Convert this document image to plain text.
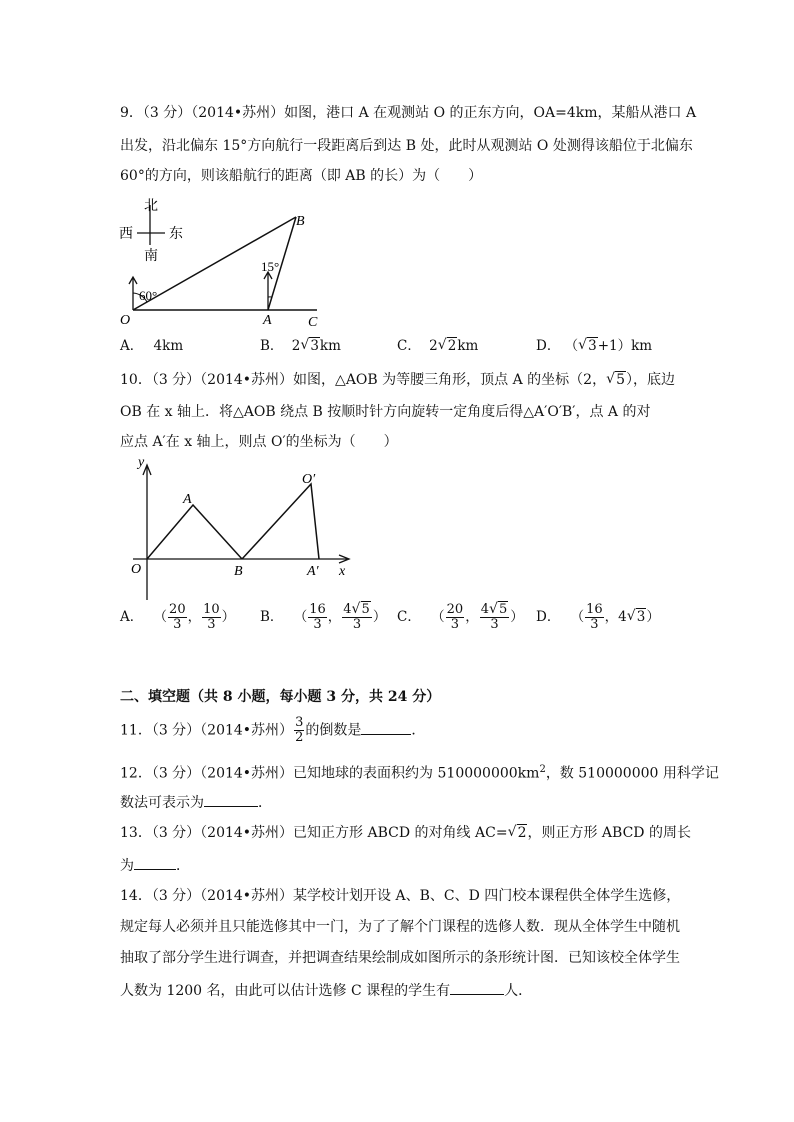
9．（3 分）（2014•苏州）如图，港口 A 在观测站 O 的正东方向，OA=4km，某船从港口 A
出发，沿北偏东 15°方向航行一段距离后到达 B 处，此时从观测站 O 处测得该船位于北偏东
60°的方向，则该船航行的距离（即 AB 的长）为（　　）
北
南
西	东
60°
15°
O	A
B
C
A． 4km	B． 2 √ 3km	C． 2 √ 2km	D． （ √ 3+1）km
10．（3 分）（2014•苏州）如图，△AOB 为等腰三角形，顶点 A 的坐标（2， √ 5），底边
OB 在 x 轴上．将△AOB 绕点 B 按顺时针方向旋转一定角度后得△A′O′B′，点 A 的对
应点 A′在 x 轴上，则点 O′的坐标为（　　）
y
x
O
A
B
O′
A′
A． （ $\frac{20}{3}$ ， $\frac{10}{3}$ ） B． （ $\frac{16}{3}$ ， $\frac{4 √ 5}{3}$ ） C． （ $\frac{20}{3}$ ， $\frac{4 √ 5}{3}$ ） D． （ $\frac{16}{3}$ ，4 √ 3）
二、填空题（共 8 小题，每小题 3 分，共 24 分）
11．（3 分）（2014•苏州） $\frac{3}{2}$ 的倒数是	．
12．（3 分）（2014•苏州）已知地球的表面积约为 $510000000km^2$，数 510000000 用科学记
数法可表示为	．
13．（3 分）（2014•苏州）已知正方形 ABCD 的对角线 AC= √ 2，则正方形 ABCD 的周长
为	．
14．（3 分）（2014•苏州）某学校计划开设 A、B、C、D 四门校本课程供全体学生选修，
规定每人必须并且只能选修其中一门，为了了解个门课程的选修人数．现从全体学生中随机
抽取了部分学生进行调查，并把调查结果绘制成如图所示的条形统计图．已知该校全体学生
人数为 1200 名，由此可以估计选修 C 课程的学生有	人．
